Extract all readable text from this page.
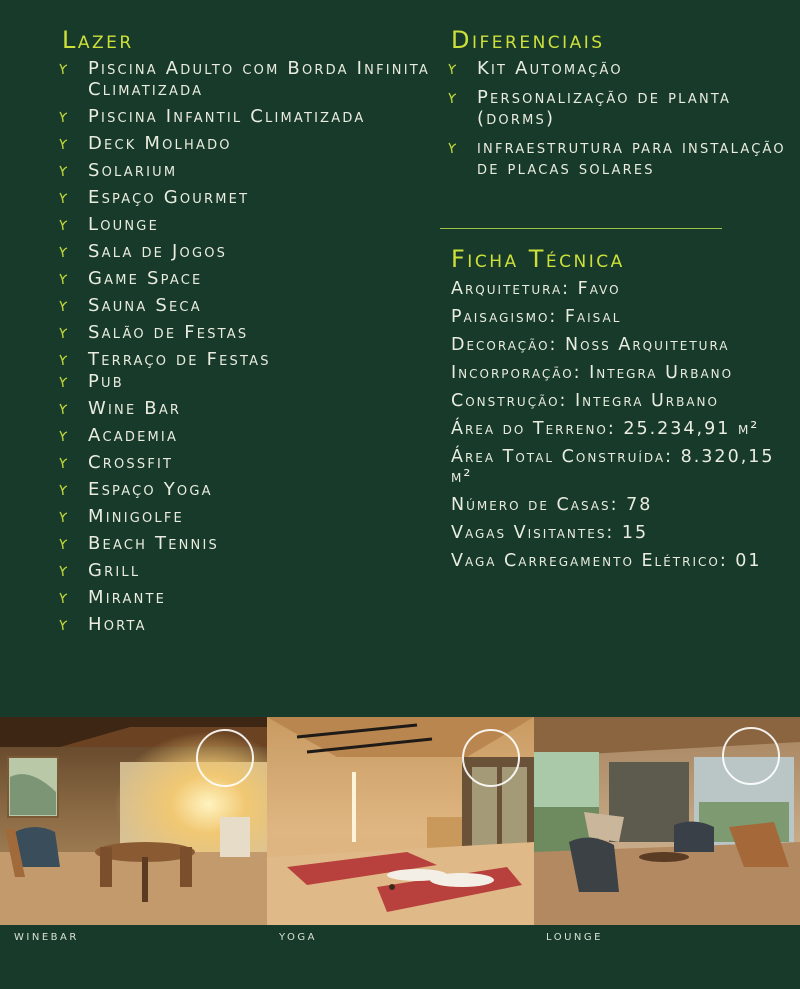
Lazer
Piscina Adulto com Borda Infinita Climatizada
Piscina Infantil Climatizada
Deck Molhado
Solarium
Espaço Gourmet
Lounge
Sala de Jogos
Game Space
Sauna Seca
Salão de Festas
Terraço de Festas
Pub
Wine Bar
Academia
Crossfit
Espaço Yoga
Minigolfe
Beach Tennis
Grill
Mirante
Horta
Diferenciais
Kit Automação
Personalização de planta (dorms)
infraestrutura para instalação de placas solares
Ficha Técnica
Arquitetura: Favo
Paisagismo: Faisal
Decoração: Noss Arquitetura
Incorporação: Integra Urbano
Construção: Integra Urbano
Área do Terreno: 25.234,91 m²
Área Total Construída: 8.320,15 m²
Número de Casas: 78
Vagas Visitantes: 15
Vaga Carregamento Elétrico: 01
WINEBAR	YOGA	LOUNGE
